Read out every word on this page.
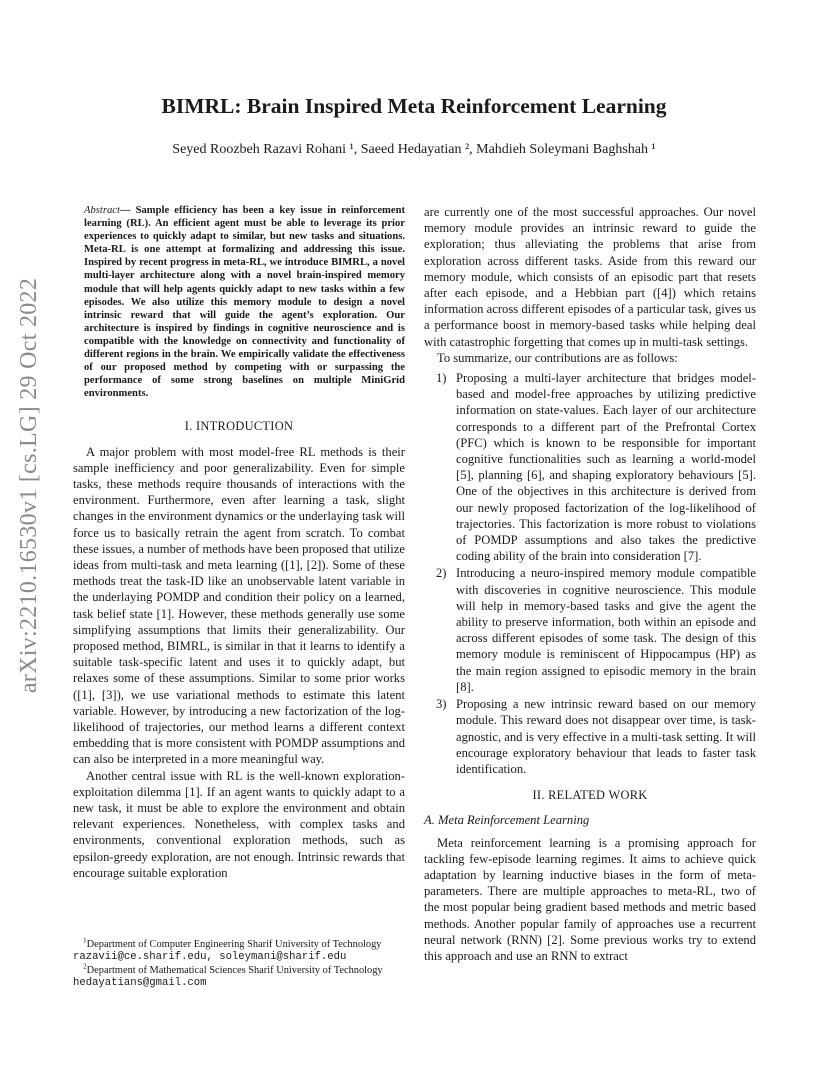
arXiv:2210.16530v1 [cs.LG] 29 Oct 2022
BIMRL: Brain Inspired Meta Reinforcement Learning

Seyed Roozbeh Razavi Rohani ¹, Saeed Hedayatian ², Mahdieh Soleymani Baghshah ¹

Abstract— Sample efficiency has been a key issue in reinforcement learning (RL). An efficient agent must be able to leverage its prior experiences to quickly adapt to similar, but new tasks and situations. Meta-RL is one attempt at formalizing and addressing this issue. Inspired by recent progress in meta-RL, we introduce BIMRL, a novel multi-layer architecture along with a novel brain-inspired memory module that will help agents quickly adapt to new tasks within a few episodes. We also utilize this memory module to design a novel intrinsic reward that will guide the agent’s exploration. Our architecture is inspired by findings in cognitive neuroscience and is compatible with the knowledge on connectivity and functionality of different regions in the brain. We empirically validate the effectiveness of our proposed method by competing with or surpassing the performance of some strong baselines on multiple MiniGrid environments.

I. INTRODUCTION

A major problem with most model-free RL methods is their sample inefficiency and poor generalizability. Even for simple tasks, these methods require thousands of interactions with the environment. Furthermore, even after learning a task, slight changes in the environment dynamics or the underlaying task will force us to basically retrain the agent from scratch. To combat these issues, a number of methods have been proposed that utilize ideas from multi-task and meta learning ([1], [2]). Some of these methods treat the task-ID like an unobservable latent variable in the underlaying POMDP and condition their policy on a learned, task belief state [1]. However, these methods generally use some simplifying assumptions that limits their generalizability. Our proposed method, BIMRL, is similar in that it learns to identify a suitable task-specific latent and uses it to quickly adapt, but relaxes some of these assumptions. Similar to some prior works ([1], [3]), we use variational methods to estimate this latent variable. However, by introducing a new factorization of the log-likelihood of trajectories, our method learns a different context embedding that is more consistent with POMDP assumptions and can also be interpreted in a more meaningful way.

Another central issue with RL is the well-known exploration-exploitation dilemma [1]. If an agent wants to quickly adapt to a new task, it must be able to explore the environment and obtain relevant experiences. Nonetheless, with complex tasks and environments, conventional exploration methods, such as epsilon-greedy exploration, are not enough. Intrinsic rewards that encourage suitable exploration

$^1$Department of Computer Engineering Sharif University of Technology
razavii@ce.sharif.edu, soleymani@sharif.edu
$^2$Department of Mathematical Sciences Sharif University of Technology
hedayatians@gmail.com

are currently one of the most successful approaches. Our novel memory module provides an intrinsic reward to guide the exploration; thus alleviating the problems that arise from exploration across different tasks. Aside from this reward our memory module, which consists of an episodic part that resets after each episode, and a Hebbian part ([4]) which retains information across different episodes of a particular task, gives us a performance boost in memory-based tasks while helping deal with catastrophic forgetting that comes up in multi-task settings.

To summarize, our contributions are as follows:

1) Proposing a multi-layer architecture that bridges model-based and model-free approaches by utilizing predictive information on state-values. Each layer of our architecture corresponds to a different part of the Prefrontal Cortex (PFC) which is known to be responsible for important cognitive functionalities such as learning a world-model [5], planning [6], and shaping exploratory behaviours [5]. One of the objectives in this architecture is derived from our newly proposed factorization of the log-likelihood of trajectories. This factorization is more robust to violations of POMDP assumptions and also takes the predictive coding ability of the brain into consideration [7].
2) Introducing a neuro-inspired memory module compatible with discoveries in cognitive neuroscience. This module will help in memory-based tasks and give the agent the ability to preserve information, both within an episode and across different episodes of some task. The design of this memory module is reminiscent of Hippocampus (HP) as the main region assigned to episodic memory in the brain [8].
3) Proposing a new intrinsic reward based on our memory module. This reward does not disappear over time, is task-agnostic, and is very effective in a multi-task setting. It will encourage exploratory behaviour that leads to faster task identification.
II. RELATED WORK
A. Meta Reinforcement Learning

Meta reinforcement learning is a promising approach for tackling few-episode learning regimes. It aims to achieve quick adaptation by learning inductive biases in the form of meta-parameters. There are multiple approaches to meta-RL, two of the most popular being gradient based methods and metric based methods. Another popular family of approaches use a recurrent neural network (RNN) [2]. Some previous works try to extend this approach and use an RNN to extract
